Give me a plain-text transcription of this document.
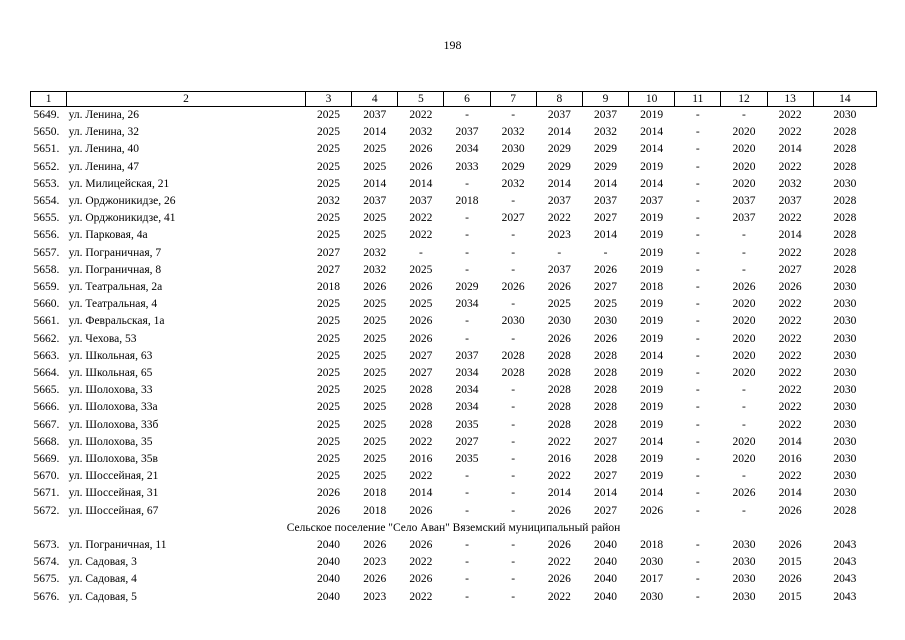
198
1	2	3	4	5	6	7	8	9	10	11	12	13	14
5649.	ул. Ленина, 26	2025	2037	2022	-	-	2037	2037	2019	-	-	2022	2030
5650.	ул. Ленина, 32	2025	2014	2032	2037	2032	2014	2032	2014	-	2020	2022	2028
5651.	ул. Ленина, 40	2025	2025	2026	2034	2030	2029	2029	2014	-	2020	2014	2028
5652.	ул. Ленина, 47	2025	2025	2026	2033	2029	2029	2029	2019	-	2020	2022	2028
5653.	ул. Милицейская, 21	2025	2014	2014	-	2032	2014	2014	2014	-	2020	2032	2030
5654.	ул. Орджоникидзе, 26	2032	2037	2037	2018	-	2037	2037	2037	-	2037	2037	2028
5655.	ул. Орджоникидзе, 41	2025	2025	2022	-	2027	2022	2027	2019	-	2037	2022	2028
5656.	ул. Парковая, 4а	2025	2025	2022	-	-	2023	2014	2019	-	-	2014	2028
5657.	ул. Пограничная, 7	2027	2032	-	-	-	-	-	2019	-	-	2022	2028
5658.	ул. Пограничная, 8	2027	2032	2025	-	-	2037	2026	2019	-	-	2027	2028
5659.	ул. Театральная, 2а	2018	2026	2026	2029	2026	2026	2027	2018	-	2026	2026	2030
5660.	ул. Театральная, 4	2025	2025	2025	2034	-	2025	2025	2019	-	2020	2022	2030
5661.	ул. Февральская, 1а	2025	2025	2026	-	2030	2030	2030	2019	-	2020	2022	2030
5662.	ул. Чехова, 53	2025	2025	2026	-	-	2026	2026	2019	-	2020	2022	2030
5663.	ул. Школьная, 63	2025	2025	2027	2037	2028	2028	2028	2014	-	2020	2022	2030
5664.	ул. Школьная, 65	2025	2025	2027	2034	2028	2028	2028	2019	-	2020	2022	2030
5665.	ул. Шолохова, 33	2025	2025	2028	2034	-	2028	2028	2019	-	-	2022	2030
5666.	ул. Шолохова, 33а	2025	2025	2028	2034	-	2028	2028	2019	-	-	2022	2030
5667.	ул. Шолохова, 33б	2025	2025	2028	2035	-	2028	2028	2019	-	-	2022	2030
5668.	ул. Шолохова, 35	2025	2025	2022	2027	-	2022	2027	2014	-	2020	2014	2030
5669.	ул. Шолохова, 35в	2025	2025	2016	2035	-	2016	2028	2019	-	2020	2016	2030
5670.	ул. Шоссейная, 21	2025	2025	2022	-	-	2022	2027	2019	-	-	2022	2030
5671.	ул. Шоссейная, 31	2026	2018	2014	-	-	2014	2014	2014	-	2026	2014	2030
5672.	ул. Шоссейная, 67	2026	2018	2026	-	-	2026	2027	2026	-	-	2026	2028
Сельское поселение "Село Аван" Вяземский муниципальный район													
5673.	ул. Пограничная, 11	2040	2026	2026	-	-	2026	2040	2018	-	2030	2026	2043
5674.	ул. Садовая, 3	2040	2023	2022	-	-	2022	2040	2030	-	2030	2015	2043
5675.	ул. Садовая, 4	2040	2026	2026	-	-	2026	2040	2017	-	2030	2026	2043
5676.	ул. Садовая, 5	2040	2023	2022	-	-	2022	2040	2030	-	2030	2015	2043
